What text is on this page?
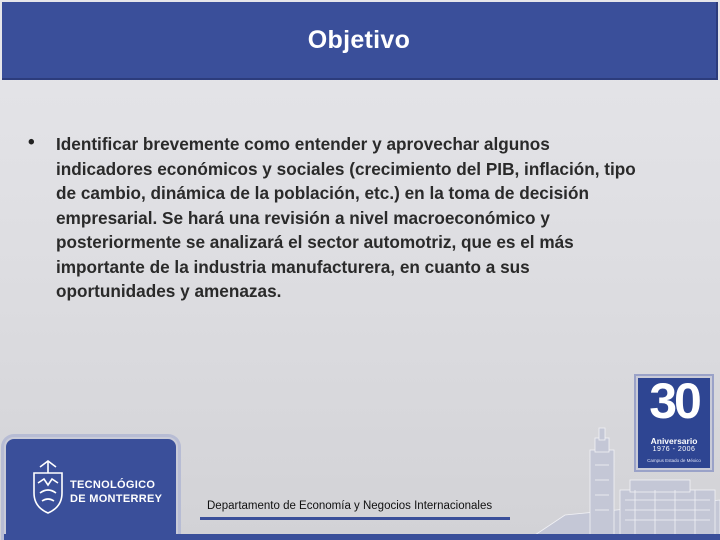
Objetivo
• Identificar brevemente como entender y aprovechar algunos indicadores económicos y sociales (crecimiento del PIB, inflación, tipo de cambio, dinámica de la población, etc.) en la toma de decisión empresarial. Se hará una revisión a nivel macroeconómico y posteriormente se analizará el sector automotriz, que es el más importante de la industria manufacturera, en cuanto a sus oportunidades y amenazas.
30
Aniversario
1976 - 2006
Campus Estado de México
TECNOLÓGICO
DE MONTERREY
Departamento de Economía y Negocios Internacionales
